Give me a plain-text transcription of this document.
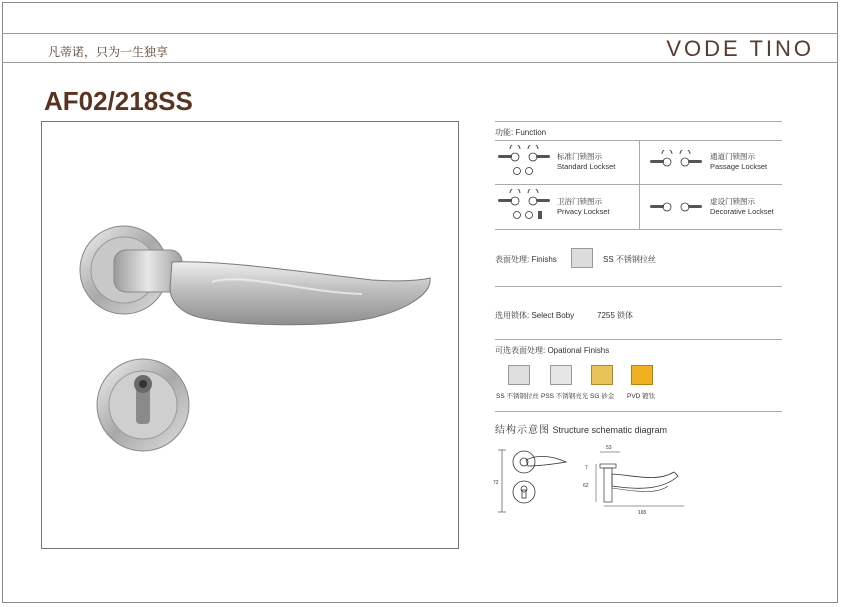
凡蒂诺，只为一生独享	VODE TINO
AF02/218SS
功能: Function
标准门锁图示
Standard Lockset
通道门锁图示
Passage Lockset
卫浴门锁图示
Privacy Lockset
虚设门锁图示
Decorative Lockset
表面处理: Finishs	SS 不锈钢拉丝
选用锁体: Select Boby	7255 锁体
可选表面处理: Opational Finishs
SS 不锈钢拉丝 PSS 不锈钢亮光 SG 砂金 PVD 镀钛
结构示意图 Structure schematic diagram
72
53
7
62
165
